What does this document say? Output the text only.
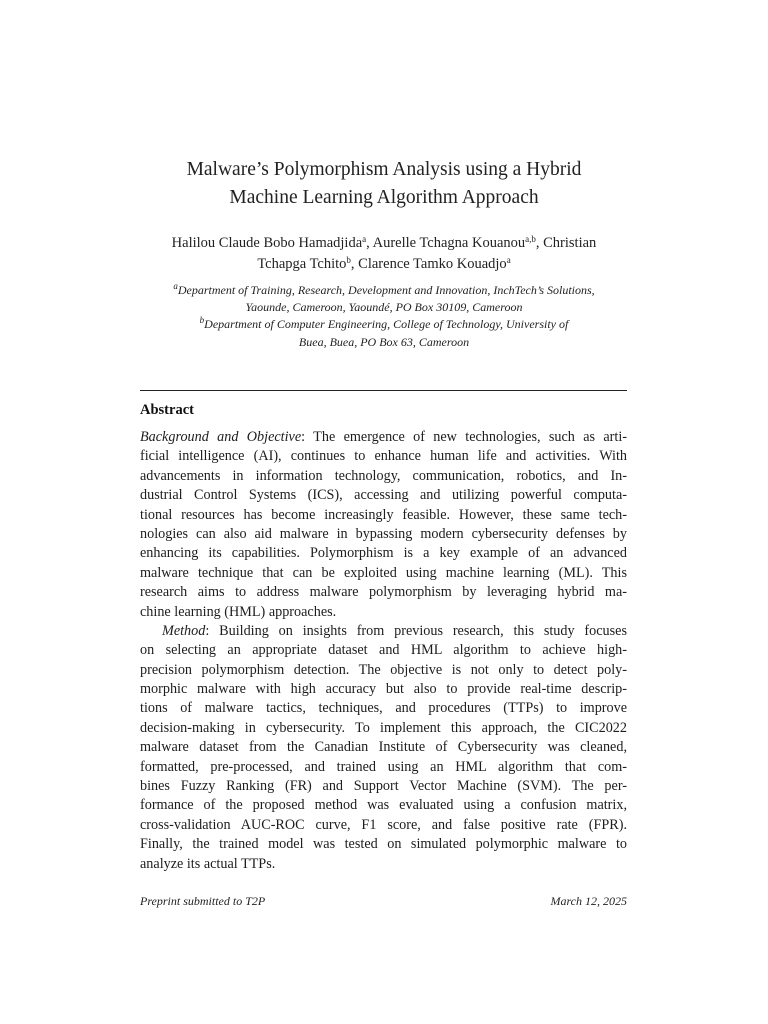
Malware’s Polymorphism Analysis using a Hybrid
Machine Learning Algorithm Approach
Halilou Claude Bobo Hamadjida$^a$, Aurelle Tchagna Kouanou$^{a,b}$, Christian
Tchapga Tchito$^b$, Clarence Tamko Kouadjo$^a$
$^a$Department of Training, Research, Development and Innovation, InchTech’s Solutions,
Yaounde, Cameroon, Yaoundé, PO Box 30109, Cameroon
$^b$Department of Computer Engineering, College of Technology, University of
Buea, Buea, PO Box 63, Cameroon
Abstract
Background and Objective: The emergence of new technologies, such as arti-
ficial intelligence (AI), continues to enhance human life and activities. With
advancements in information technology, communication, robotics, and In-
dustrial Control Systems (ICS), accessing and utilizing powerful computa-
tional resources has become increasingly feasible. However, these same tech-
nologies can also aid malware in bypassing modern cybersecurity defenses by
enhancing its capabilities. Polymorphism is a key example of an advanced
malware technique that can be exploited using machine learning (ML). This
research aims to address malware polymorphism by leveraging hybrid ma-
chine learning (HML) approaches.
Method: Building on insights from previous research, this study focuses
on selecting an appropriate dataset and HML algorithm to achieve high-
precision polymorphism detection. The objective is not only to detect poly-
morphic malware with high accuracy but also to provide real-time descrip-
tions of malware tactics, techniques, and procedures (TTPs) to improve
decision-making in cybersecurity. To implement this approach, the CIC2022
malware dataset from the Canadian Institute of Cybersecurity was cleaned,
formatted, pre-processed, and trained using an HML algorithm that com-
bines Fuzzy Ranking (FR) and Support Vector Machine (SVM). The per-
formance of the proposed method was evaluated using a confusion matrix,
cross-validation AUC-ROC curve, F1 score, and false positive rate (FPR).
Finally, the trained model was tested on simulated polymorphic malware to
analyze its actual TTPs.
Preprint submitted to T2P	March 12, 2025
